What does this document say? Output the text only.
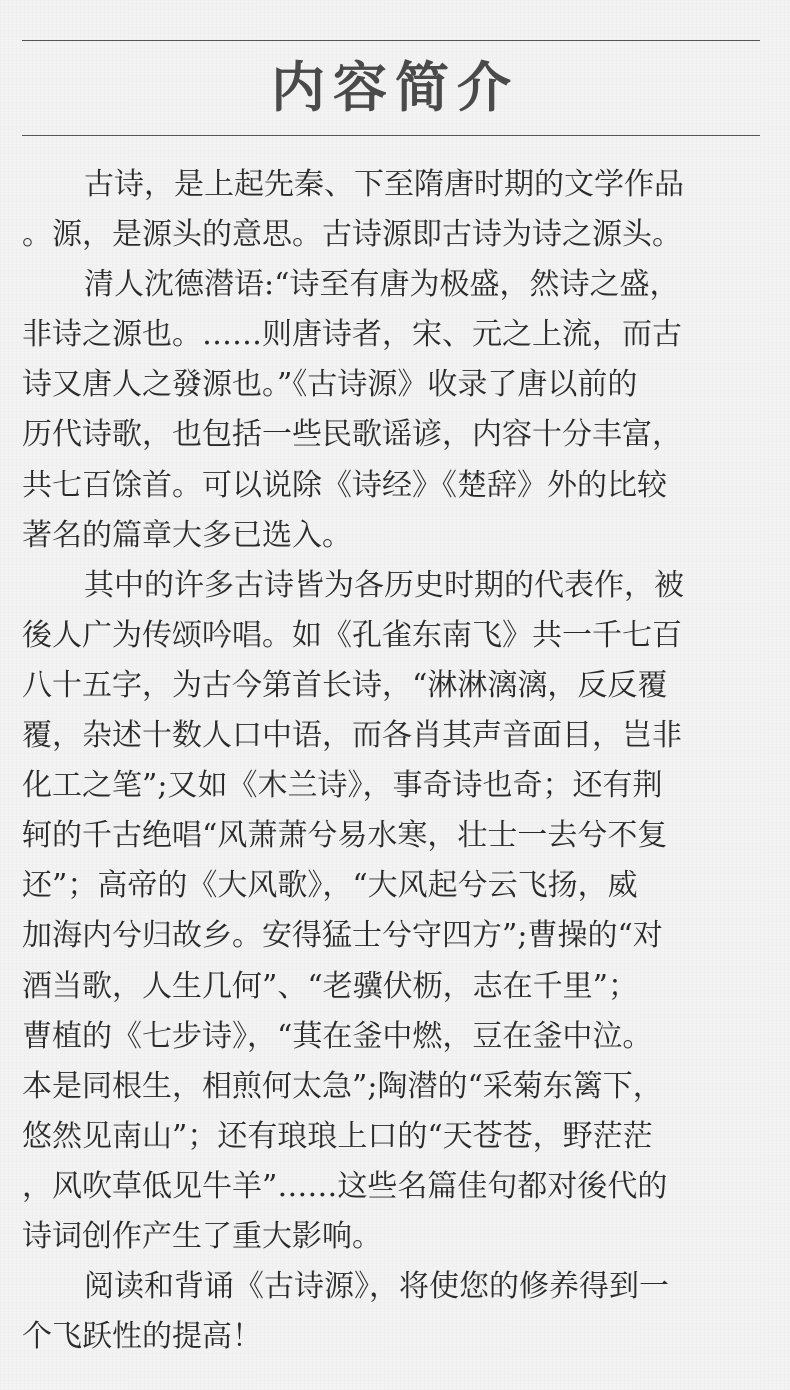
内容简介
古诗，是上起先秦、下至隋唐时期的文学作品
。源，是源头的意思。古诗源即古诗为诗之源头。
清人沈德潜语:“诗至有唐为极盛，然诗之盛，
非诗之源也。……则唐诗者，宋、元之上流，而古
诗又唐人之發源也。”《古诗源》收录了唐以前的
历代诗歌，也包括一些民歌谣谚，内容十分丰富，
共七百馀首。可以说除《诗经》《楚辞》外的比较
著名的篇章大多已选入。
其中的许多古诗皆为各历史时期的代表作，被
後人广为传颂吟唱。如《孔雀东南飞》共一千七百
八十五字，为古今第首长诗，“淋淋漓漓，反反覆
覆，杂述十数人口中语，而各肖其声音面目，岂非
化工之笔”;又如《木兰诗》，事奇诗也奇；还有荆
轲的千古绝唱“风萧萧兮易水寒，壮士一去兮不复
还”；高帝的《大风歌》，“大风起兮云飞扬，威
加海内兮归故乡。安得猛士兮守四方”;曹操的“对
酒当歌，人生几何”、“老骥伏枥，志在千里”；
曹植的《七步诗》，“萁在釜中燃，豆在釜中泣。
本是同根生，相煎何太急”;陶潜的“采菊东篱下，
悠然见南山”；还有琅琅上口的“天苍苍，野茫茫
，风吹草低见牛羊”……这些名篇佳句都对後代的
诗词创作产生了重大影响。
阅读和背诵《古诗源》，将使您的修养得到一
个飞跃性的提高！
